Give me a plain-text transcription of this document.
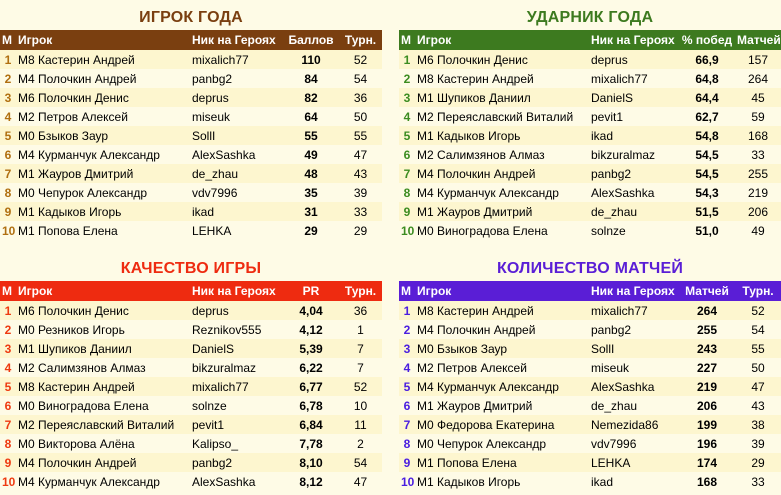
ИГРОК ГОДА
М	Игрок	Ник на Героях	Баллов	Турн.
1	М8 Кастерин Андрей	mixalich77	110	52
2	М4 Полочкин Андрей	panbg2	84	54
3	М6 Полочкин Денис	deprus	82	36
4	М2 Петров Алексей	miseuk	64	50
5	М0 Бзыков Заур	SollI	55	55
6	М4 Курманчук Александр	AlexSashka	49	47
7	М1 Жауров Дмитрий	de_zhau	48	43
8	М0 Чепурок Александр	vdv7996	35	39
9	М1 Кадыков Игорь	ikad	31	33
10	М1 Попова Елена	LEHKA	29	29
УДАРНИК ГОДА
М	Игрок	Ник на Героях	% побед	Матчей
1	М6 Полочкин Денис	deprus	66,9	157
2	М8 Кастерин Андрей	mixalich77	64,8	264
3	М1 Шупиков Даниил	DanielS	64,4	45
4	М2 Переяславский Виталий	pevit1	62,7	59
5	М1 Кадыков Игорь	ikad	54,8	168
6	М2 Салимзянов Алмаз	bikzuralmaz	54,5	33
7	М4 Полочкин Андрей	panbg2	54,5	255
8	М4 Курманчук Александр	AlexSashka	54,3	219
9	М1 Жауров Дмитрий	de_zhau	51,5	206
10	М0 Виноградова Елена	solnze	51,0	49
КАЧЕСТВО ИГРЫ
М	Игрок	Ник на Героях	PR	Турн.
1	М6 Полочкин Денис	deprus	4,04	36
2	М0 Резников Игорь	Reznikov555	4,12	1
3	М1 Шупиков Даниил	DanielS	5,39	7
4	М2 Салимзянов Алмаз	bikzuralmaz	6,22	7
5	М8 Кастерин Андрей	mixalich77	6,77	52
6	М0 Виноградова Елена	solnze	6,78	10
7	М2 Переяславский Виталий	pevit1	6,84	11
8	М0 Викторова Алёна	Kalipso_	7,78	2
9	М4 Полочкин Андрей	panbg2	8,10	54
10	М4 Курманчук Александр	AlexSashka	8,12	47
КОЛИЧЕСТВО МАТЧЕЙ
М	Игрок	Ник на Героях	Матчей	Турн.
1	М8 Кастерин Андрей	mixalich77	264	52
2	М4 Полочкин Андрей	panbg2	255	54
3	М0 Бзыков Заур	SollI	243	55
4	М2 Петров Алексей	miseuk	227	50
5	М4 Курманчук Александр	AlexSashka	219	47
6	М1 Жауров Дмитрий	de_zhau	206	43
7	М0 Федорова Екатерина	Nemezida86	199	38
8	М0 Чепурок Александр	vdv7996	196	39
9	М1 Попова Елена	LEHKA	174	29
10	М1 Кадыков Игорь	ikad	168	33
